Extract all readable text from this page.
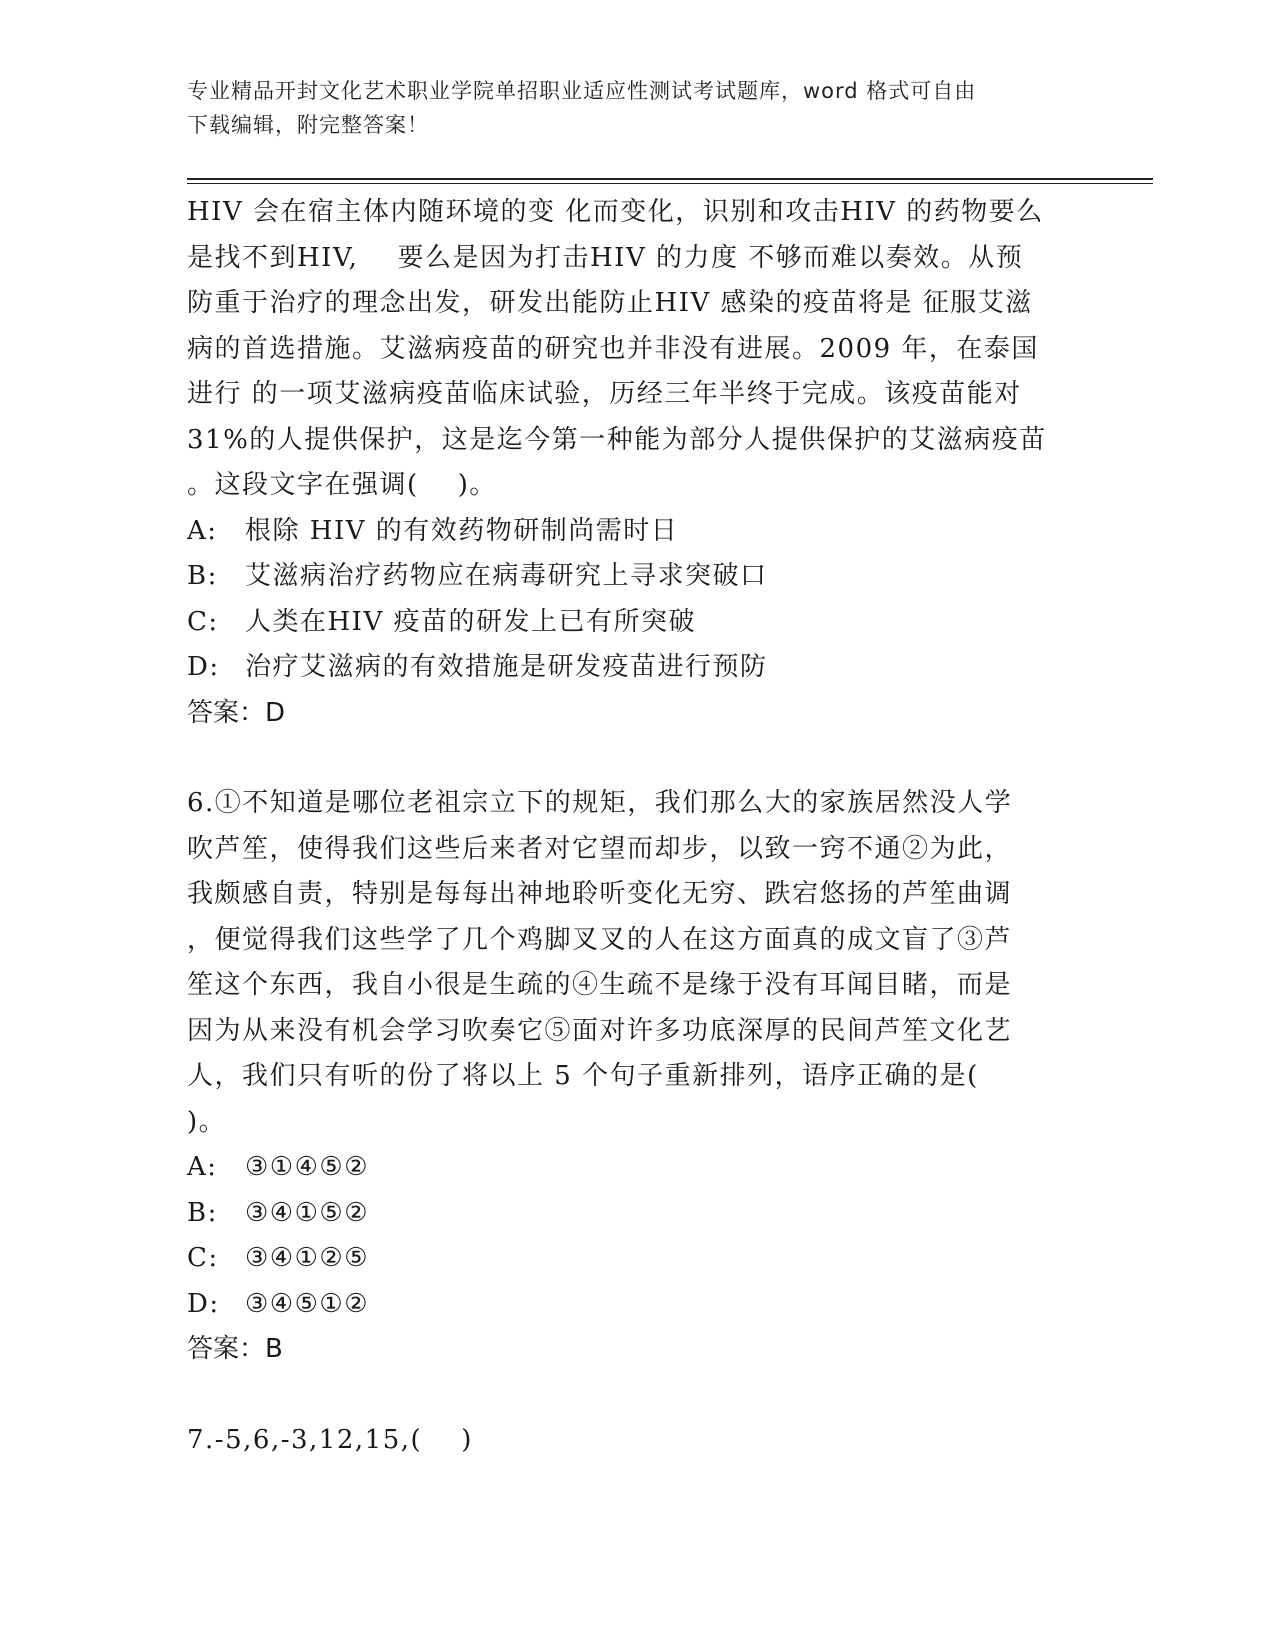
专业精品开封文化艺术职业学院单招职业适应性测试考试题库，word 格式可自由
下载编辑，附完整答案！
HIV 会在宿主体内随环境的变 化而变化，识别和攻击HIV 的药物要么
是找不到HIV,    要么是因为打击HIV 的力度 不够而难以奏效。从预
防重于治疗的理念出发，研发出能防止HIV 感染的疫苗将是 征服艾滋
病的首选措施。艾滋病疫苗的研究也并非没有进展。2009 年，在泰国
进行 的一项艾滋病疫苗临床试验，历经三年半终于完成。该疫苗能对
31%的人提供保护，这是迄今第一种能为部分人提供保护的艾滋病疫苗
。这段文字在强调(    )。
A:	根除 HIV 的有效药物研制尚需时日
B:	艾滋病治疗药物应在病毒研究上寻求突破口
C:	人类在HIV 疫苗的研发上已有所突破
D: 治疗艾滋病的有效措施是研发疫苗进行预防
答案：D
6.①不知道是哪位老祖宗立下的规矩，我们那么大的家族居然没人学
吹芦笙，使得我们这些后来者对它望而却步，以致一窍不通②为此，
我颇感自责，特别是每每出神地聆听变化无穷、跌宕悠扬的芦笙曲调
，便觉得我们这些学了几个鸡脚叉叉的人在这方面真的成文盲了③芦
笙这个东西，我自小很是生疏的④生疏不是缘于没有耳闻目睹，而是
因为从来没有机会学习吹奏它⑤面对许多功底深厚的民间芦笙文化艺
人，我们只有听的份了将以上 5 个句子重新排列，语序正确的是(
)。
A:	③①④⑤②
B:	③④①⑤②
C:	③④①②⑤
D: ③④⑤①②
答案：B
7.-5,6,-3,12,15,(    )
